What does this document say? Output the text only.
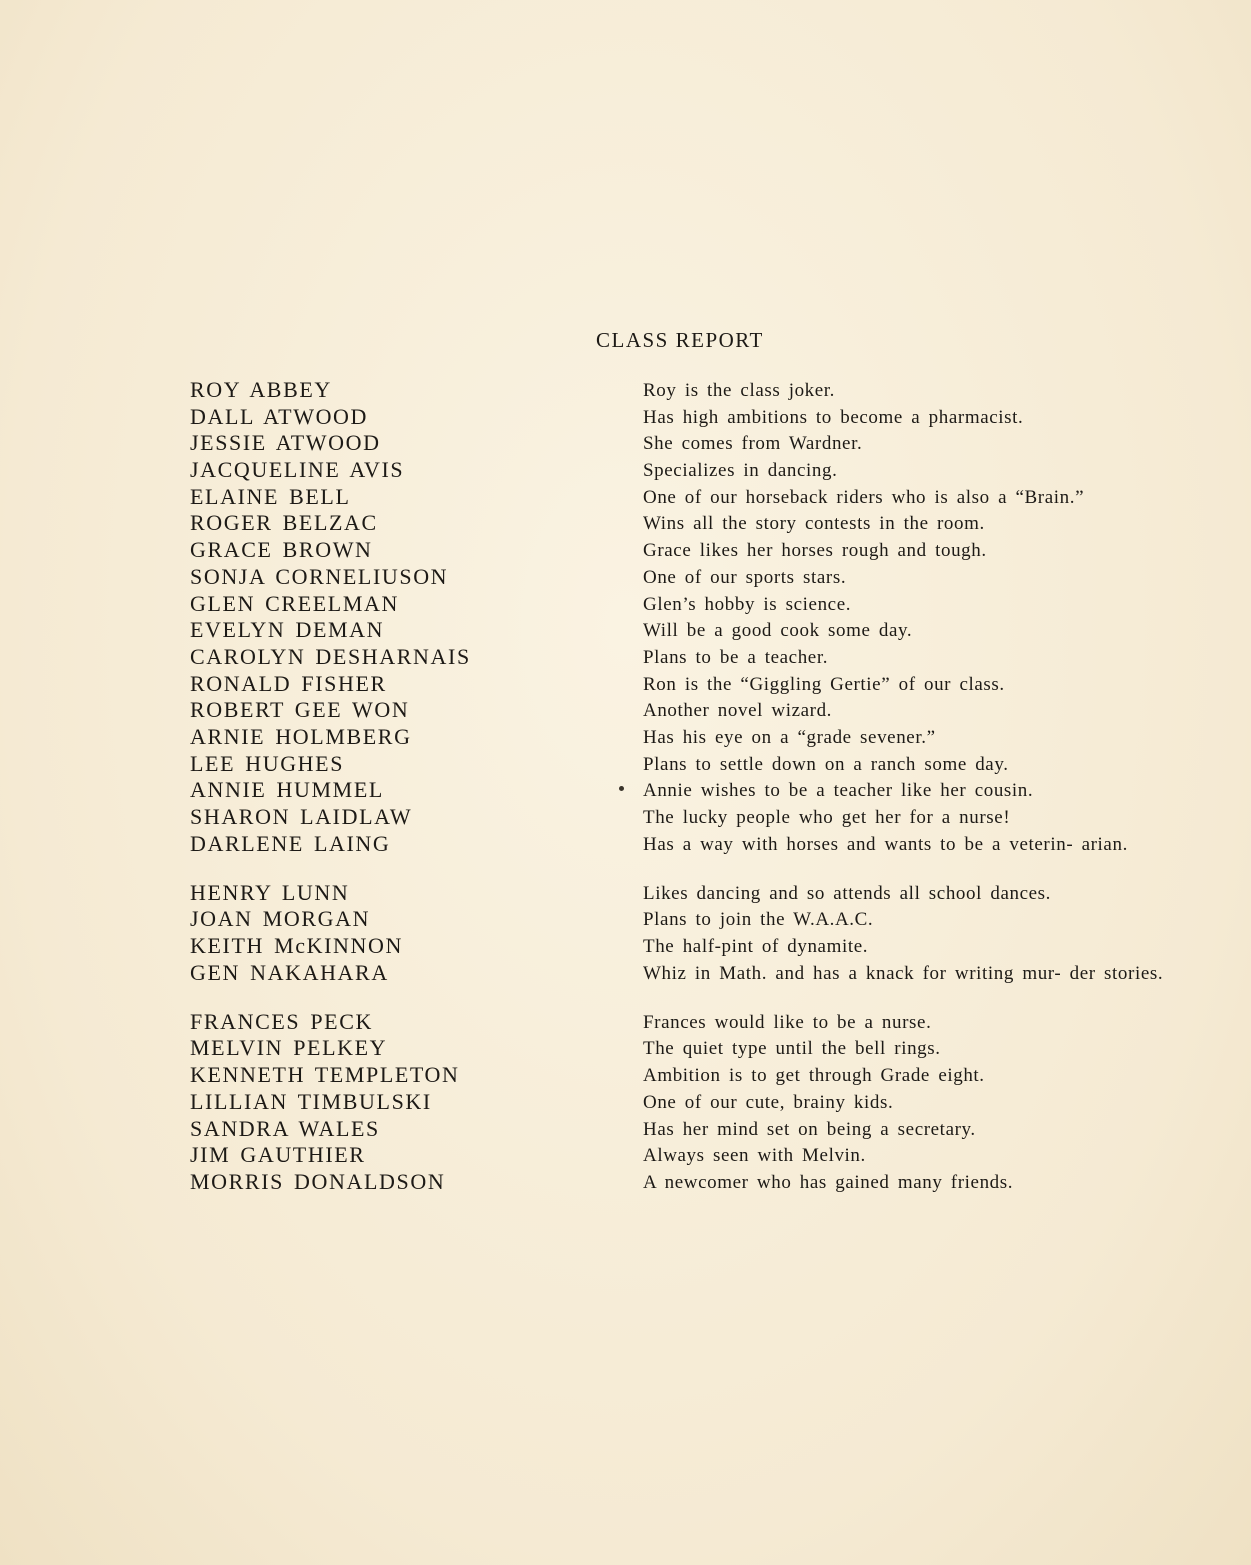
CLASS REPORT
ROY ABBEY	Roy is the class joker.
DALL ATWOOD	Has high ambitions to become a pharmacist.
JESSIE ATWOOD	She comes from Wardner.
JACQUELINE AVIS	Specializes in dancing.
ELAINE BELL	One of our horseback riders who is also a “Brain.”
ROGER BELZAC	Wins all the story contests in the room.
GRACE BROWN	Grace likes her horses rough and tough.
SONJA CORNELIUSON	One of our sports stars.
GLEN CREELMAN	Glen’s hobby is science.
EVELYN DEMAN	Will be a good cook some day.
CAROLYN DESHARNAIS	Plans to be a teacher.
RONALD FISHER	Ron is the “Giggling Gertie” of our class.
ROBERT GEE WON	Another novel wizard.
ARNIE HOLMBERG	Has his eye on a “grade sevener.”
LEE HUGHES	Plans to settle down on a ranch some day.
ANNIE HUMMEL	Annie wishes to be a teacher like her cousin.
SHARON LAIDLAW	The lucky people who get her for a nurse!
DARLENE LAING	Has a way with horses and wants to be a veterin- arian.
HENRY LUNN	Likes dancing and so attends all school dances.
JOAN MORGAN	Plans to join the W.A.A.C.
KEITH McKINNON	The half-pint of dynamite.
GEN NAKAHARA	Whiz in Math. and has a knack for writing mur- der stories.
FRANCES PECK	Frances would like to be a nurse.
MELVIN PELKEY	The quiet type until the bell rings.
KENNETH TEMPLETON	Ambition is to get through Grade eight.
LILLIAN TIMBULSKI	One of our cute, brainy kids.
SANDRA WALES	Has her mind set on being a secretary.
JIM GAUTHIER	Always seen with Melvin.
MORRIS DONALDSON	A newcomer who has gained many friends.
